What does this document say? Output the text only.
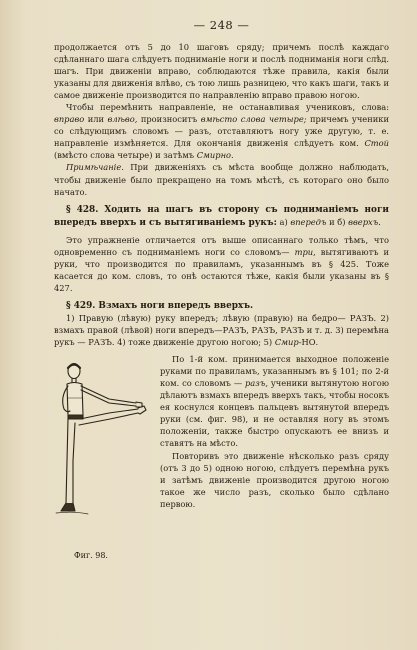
— 248 —

продолжается отъ 5 до 10 шаговъ сряду; причемъ послѣ каждаго сдѣланнаго шага слѣдуетъ подниманіе ноги и послѣ подниманія ноги слѣд. шагъ. При движеніи вправо, соблюдаются тѣже правила, какія были указаны для движенія влѣво, съ тою лишь разницею, что какъ шаги, такъ и самое движеніе производится по направленію вправо правою ногою.

Чтобы перемѣнить направленіе, не останавливая учениковъ, слова: вправо или влѣво, произноситъ вмѣсто слова четыре; причемъ ученики со слѣдующимъ словомъ — разъ, отставляютъ ногу уже другую, т. е. направленіе измѣняется. Для окончанія движенія слѣдуетъ ком. Стой (вмѣсто слова четыре) и затѣмъ Смирно.

Примѣчаніе. При движеніяхъ съ мѣста вообще должно наблюдать, чтобы движеніе было прекращено на томъ мѣстѣ, съ котораго оно было начато.

§ 428. Ходить на шагъ въ сторону съ подниманіемъ ноги впередъ вверхъ и съ вытягиваніемъ рукъ: а) впередъ и б) вверхъ.

Это упражненіе отличается отъ выше описаннаго только тѣмъ, что одновременно съ подниманіемъ ноги со словомъ— три, вытягиваютъ и руки, что производится по правиламъ, указаннымъ въ § 425. Тоже касается до ком. словъ, то онѣ остаются тѣже, какія были указаны въ § 427.

§ 429. Взмахъ ноги впередъ вверхъ.

1) Правую (лѣвую) руку впередъ; лѣвую (правую) на бедро— РАЗЪ. 2) взмахъ правой (лѣвой) ноги впередъ—РАЗЪ, РАЗЪ, РАЗЪ и т. д. 3) перемѣна рукъ — РАЗЪ. 4) тоже движеніе другою ногою; 5) Смир-НО.

Фиг. 98.

По 1-й ком. принимается выходное положеніе руками по правиламъ, указаннымъ въ § 101; по 2-й ком. со словомъ — разъ, ученики вытянутою ногою дѣлаютъ взмахъ впередъ вверхъ такъ, чтобы носокъ ея коснулся концевъ пальцевъ вытянутой впередъ руки (см. фиг. 98), и не оставляя ногу въ этомъ положеніи, также быстро опускаютъ ее внизъ и ставятъ на мѣсто.

Повторивъ это движеніе нѣсколько разъ сряду (отъ 3 до 5) одною ногою, слѣдуетъ перемѣна рукъ и затѣмъ движеніе производится другою ногою такое же число разъ, сколько было сдѣлано первою.
